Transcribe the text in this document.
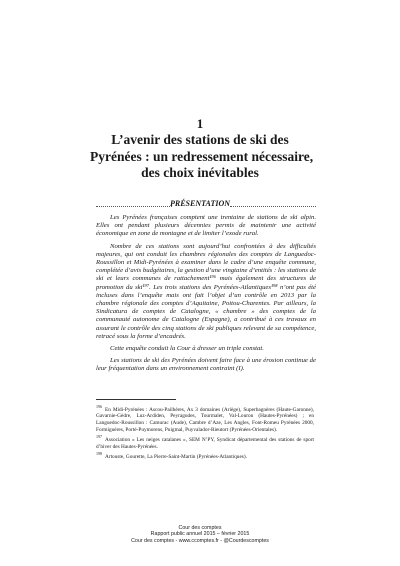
1
L’avenir des stations de ski des
Pyrénées : un redressement nécessaire,
des choix inévitables
PRÉSENTATION

Les Pyrénées françaises comptent une trentaine de stations de ski alpin. Elles ont pendant plusieurs décennies permis de maintenir une activité économique en zone de montagne et de limiter l’exode rural.

Nombre de ces stations sont aujourd’hui confrontées à des difficultés majeures, qui ont conduit les chambres régionales des comptes de Languedoc-Roussillon et Midi-Pyrénées à examiner dans le cadre d’une enquête commune, complétée d’avis budgétaires, la gestion d’une vingtaine d’entités : les stations de ski et leurs communes de rattachement¹⁹⁶ mais également des structures de promotion du ski¹⁹⁷. Les trois stations des Pyrénées-Atlantiques¹⁹⁸ n’ont pas été incluses dans l’enquête mais ont fait l’objet d’un contrôle en 2013 par la chambre régionale des comptes d’Aquitaine, Poitou-Charentes. Par ailleurs, la Sindicatura de comptes de Catalogne, « chambre » des comptes de la communauté autonome de Catalogne (Espagne), a contribué à ces travaux en assurant le contrôle des cinq stations de ski publiques relevant de sa compétence, retracé sous la forme d’encadrés.

Cette enquête conduit la Cour à dresser un triple constat.

Les stations de ski des Pyrénées doivent faire face à une érosion continue de leur fréquentation dans un environnement contraint (I).

$^{196}$En Midi-Pyrénées : Ascou-Pailhères, Ax 3 domaines (Ariège), Superbagnères (Haute-Garonne), Gavarnie-Gèdre, Luz-Ardiden, Peyragudes, Tourmalet, Val-Louron (Hautes-Pyrénées) ; en Languedoc-Roussillon : Camurac (Aude), Cambre d’Aze, Les Angles, Font-Romeu Pyrénées 2000, Formiguères, Porté-Puymorens, Puigmal, Puyvalador-Rieutort (Pyrénées-Orientales).

$^{197}$Association « Les neiges catalanes », SEM N’PY, Syndicat départemental des stations de sport d’hiver des Hautes-Pyrénées.

$^{198}$Artouste, Gourette, La Pierre-Saint-Martin (Pyrénées-Atlantiques).

Cour des comptes
Rapport public annuel 2015 – février 2015
Cour des comptes - www.ccomptes.fr - @Courdescomptes
